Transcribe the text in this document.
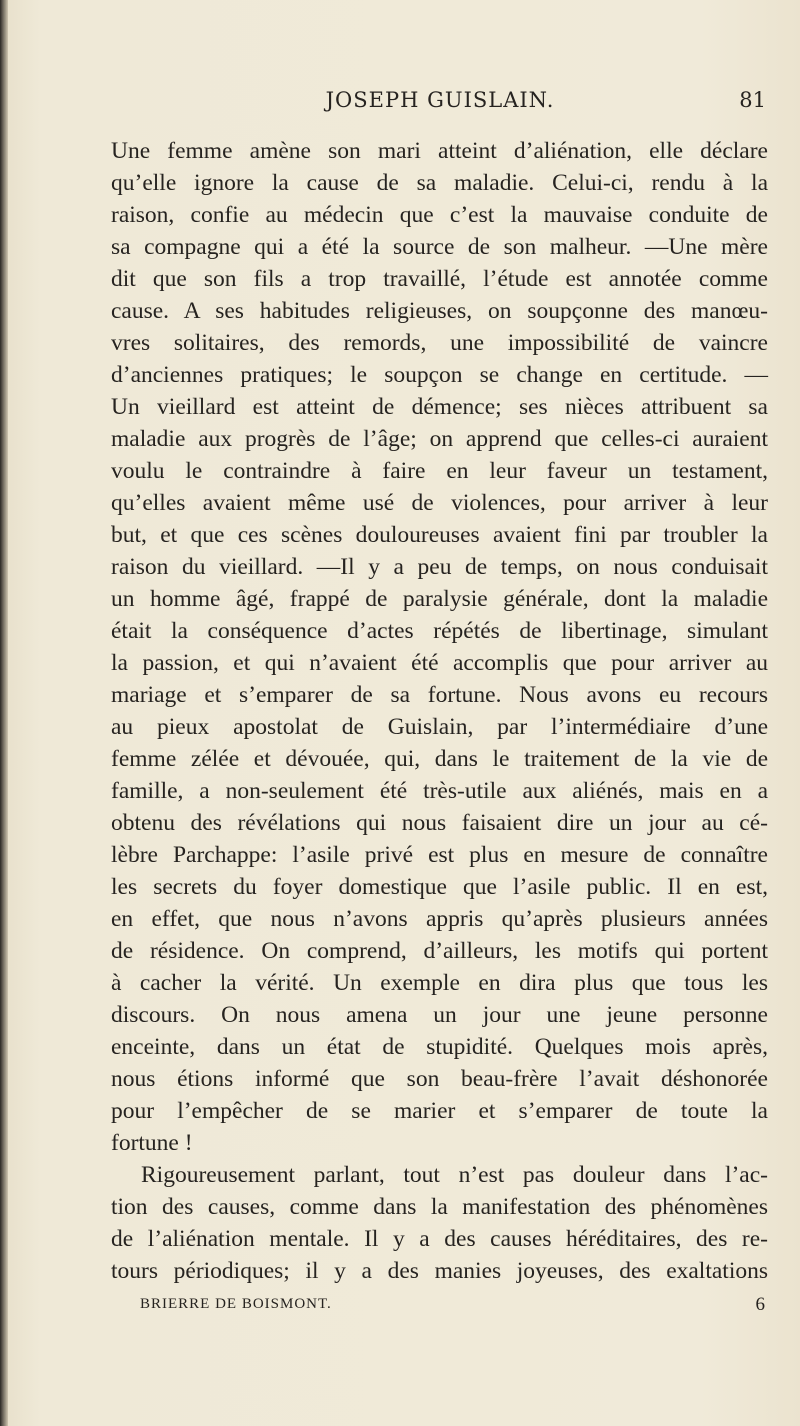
JOSEPH GUISLAIN.	81
Une femme amène son mari atteint d’aliénation, elle déclare
qu’elle ignore la cause de sa maladie. Celui-ci, rendu à la
raison, confie au médecin que c’est la mauvaise conduite de
sa compagne qui a été la source de son malheur. —Une mère
dit que son fils a trop travaillé, l’étude est annotée comme
cause. A ses habitudes religieuses, on soupçonne des manœu-
vres solitaires, des remords, une impossibilité de vaincre
d’anciennes pratiques; le soupçon se change en certitude. —
Un vieillard est atteint de démence; ses nièces attribuent sa
maladie aux progrès de l’âge; on apprend que celles-ci auraient
voulu le contraindre à faire en leur faveur un testament,
qu’elles avaient même usé de violences, pour arriver à leur
but, et que ces scènes douloureuses avaient fini par troubler la
raison du vieillard. —Il y a peu de temps, on nous conduisait
un homme âgé, frappé de paralysie générale, dont la maladie
était la conséquence d’actes répétés de libertinage, simulant
la passion, et qui n’avaient été accomplis que pour arriver au
mariage et s’emparer de sa fortune. Nous avons eu recours
au pieux apostolat de Guislain, par l’intermédiaire d’une
femme zélée et dévouée, qui, dans le traitement de la vie de
famille, a non-seulement été très-utile aux aliénés, mais en a
obtenu des révélations qui nous faisaient dire un jour au cé-
lèbre Parchappe: l’asile privé est plus en mesure de connaître
les secrets du foyer domestique que l’asile public. Il en est,
en effet, que nous n’avons appris qu’après plusieurs années
de résidence. On comprend, d’ailleurs, les motifs qui portent
à cacher la vérité. Un exemple en dira plus que tous les
discours. On nous amena un jour une jeune personne
enceinte, dans un état de stupidité. Quelques mois après,
nous étions informé que son beau-frère l’avait déshonorée
pour l’empêcher de se marier et s’emparer de toute la
fortune !
Rigoureusement parlant, tout n’est pas douleur dans l’ac-
tion des causes, comme dans la manifestation des phénomènes
de l’aliénation mentale. Il y a des causes héréditaires, des re-
tours périodiques; il y a des manies joyeuses, des exaltations
BRIERRE DE BOISMONT.	6
